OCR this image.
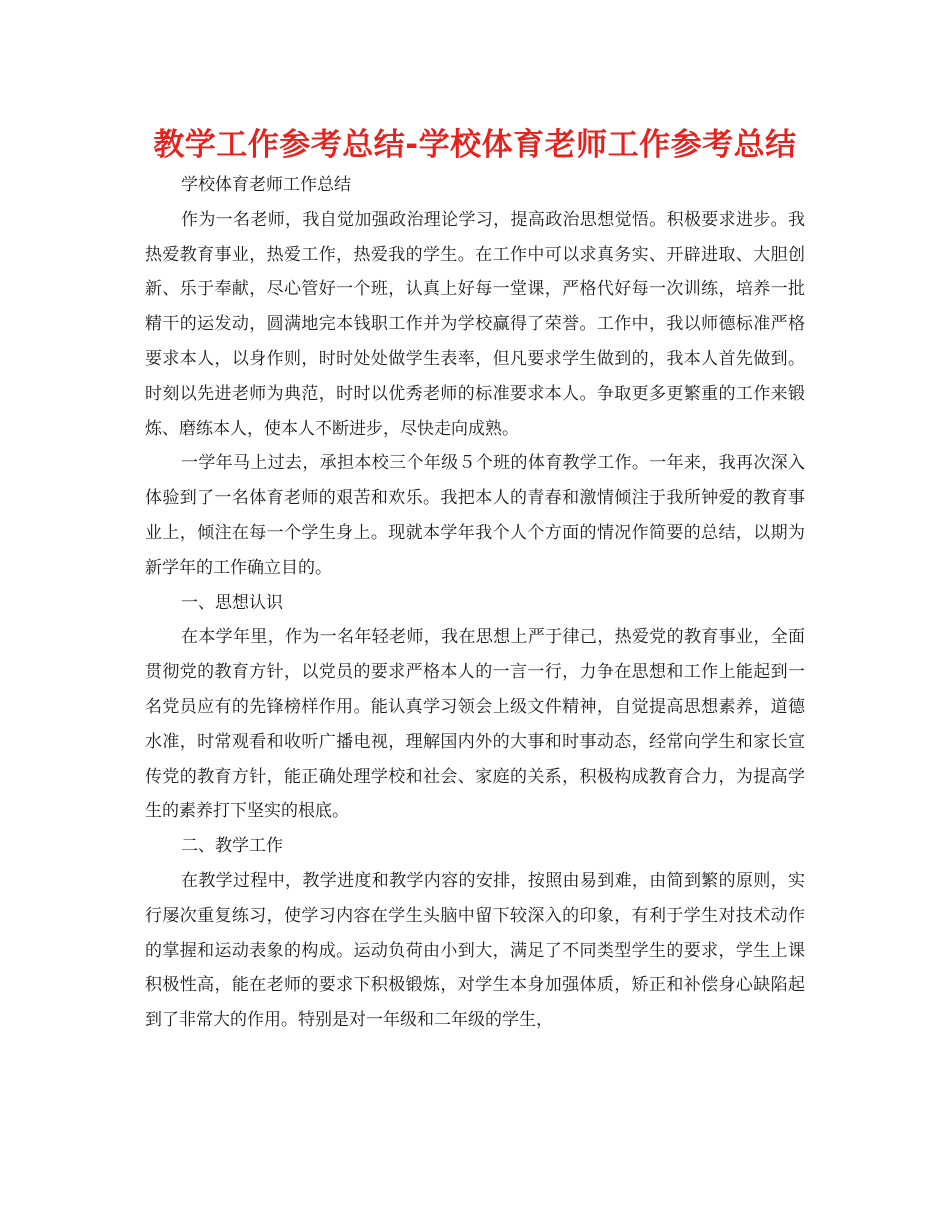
教学工作参考总结-学校体育老师工作参考总结

学校体育老师工作总结

作为一名老师，我自觉加强政治理论学习，提高政治思想觉悟。积极要求进步。我热爱教育事业，热爱工作，热爱我的学生。在工作中可以求真务实、开辟进取、大胆创新、乐于奉献，尽心管好一个班，认真上好每一堂课，严格代好每一次训练，培养一批精干的运发动，圆满地完本钱职工作并为学校赢得了荣誉。工作中，我以师德标准严格要求本人，以身作则，时时处处做学生表率，但凡要求学生做到的，我本人首先做到。时刻以先进老师为典范，时时以优秀老师的标准要求本人。争取更多更繁重的工作来锻炼、磨练本人，使本人不断进步，尽快走向成熟。

一学年马上过去，承担本校三个年级５个班的体育教学工作。一年来，我再次深入体验到了一名体育老师的艰苦和欢乐。我把本人的青春和激情倾注于我所钟爱的教育事业上，倾注在每一个学生身上。现就本学年我个人个方面的情况作简要的总结，以期为新学年的工作确立目的。

一、思想认识

在本学年里，作为一名年轻老师，我在思想上严于律己，热爱党的教育事业，全面贯彻党的教育方针，以党员的要求严格本人的一言一行，力争在思想和工作上能起到一名党员应有的先锋榜样作用。能认真学习领会上级文件精神，自觉提高思想素养，道德水准，时常观看和收听广播电视，理解国内外的大事和时事动态，经常向学生和家长宣传党的教育方针，能正确处理学校和社会、家庭的关系，积极构成教育合力，为提高学生的素养打下坚实的根底。

二、教学工作

在教学过程中，教学进度和教学内容的安排，按照由易到难，由简到繁的原则，实行屡次重复练习，使学习内容在学生头脑中留下较深入的印象，有利于学生对技术动作的掌握和运动表象的构成。运动负荷由小到大，满足了不同类型学生的要求，学生上课积极性高，能在老师的要求下积极锻炼，对学生本身加强体质，矫正和补偿身心缺陷起到了非常大的作用。特别是对一年级和二年级的学生，
